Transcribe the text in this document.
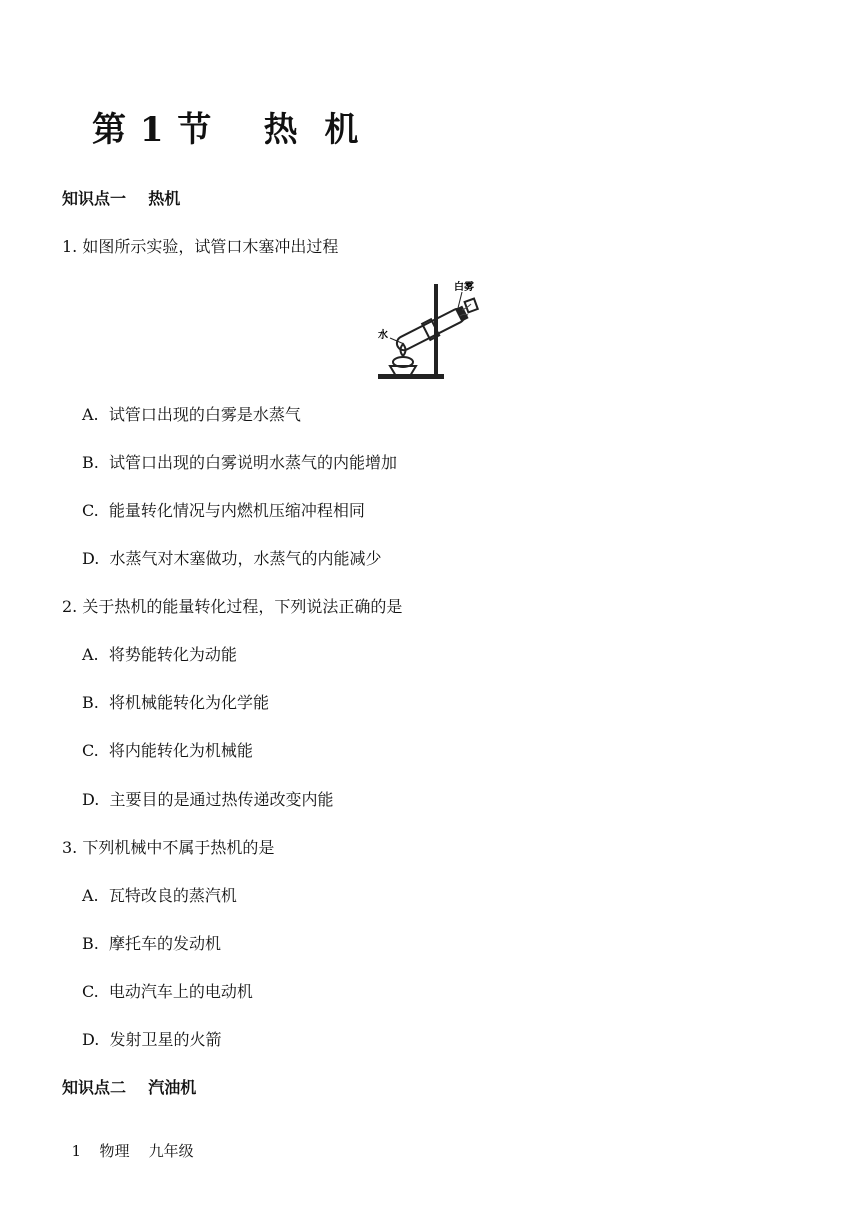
第 1 节    热  机
知识点一    热机
1. 如图所示实验，试管口木塞冲出过程
白雾
水
A.  试管口出现的白雾是水蒸气
B.  试管口出现的白雾说明水蒸气的内能增加
C.  能量转化情况与内燃机压缩冲程相同
D.  水蒸气对木塞做功，水蒸气的内能减少
2. 关于热机的能量转化过程，下列说法正确的是
A.  将势能转化为动能
B.  将机械能转化为化学能
C.  将内能转化为机械能
D.  主要目的是通过热传递改变内能
3. 下列机械中不属于热机的是
A.  瓦特改良的蒸汽机
B.  摩托车的发动机
C.  电动汽车上的电动机
D.  发射卫星的火箭
知识点二    汽油机

1 物理    九年级
